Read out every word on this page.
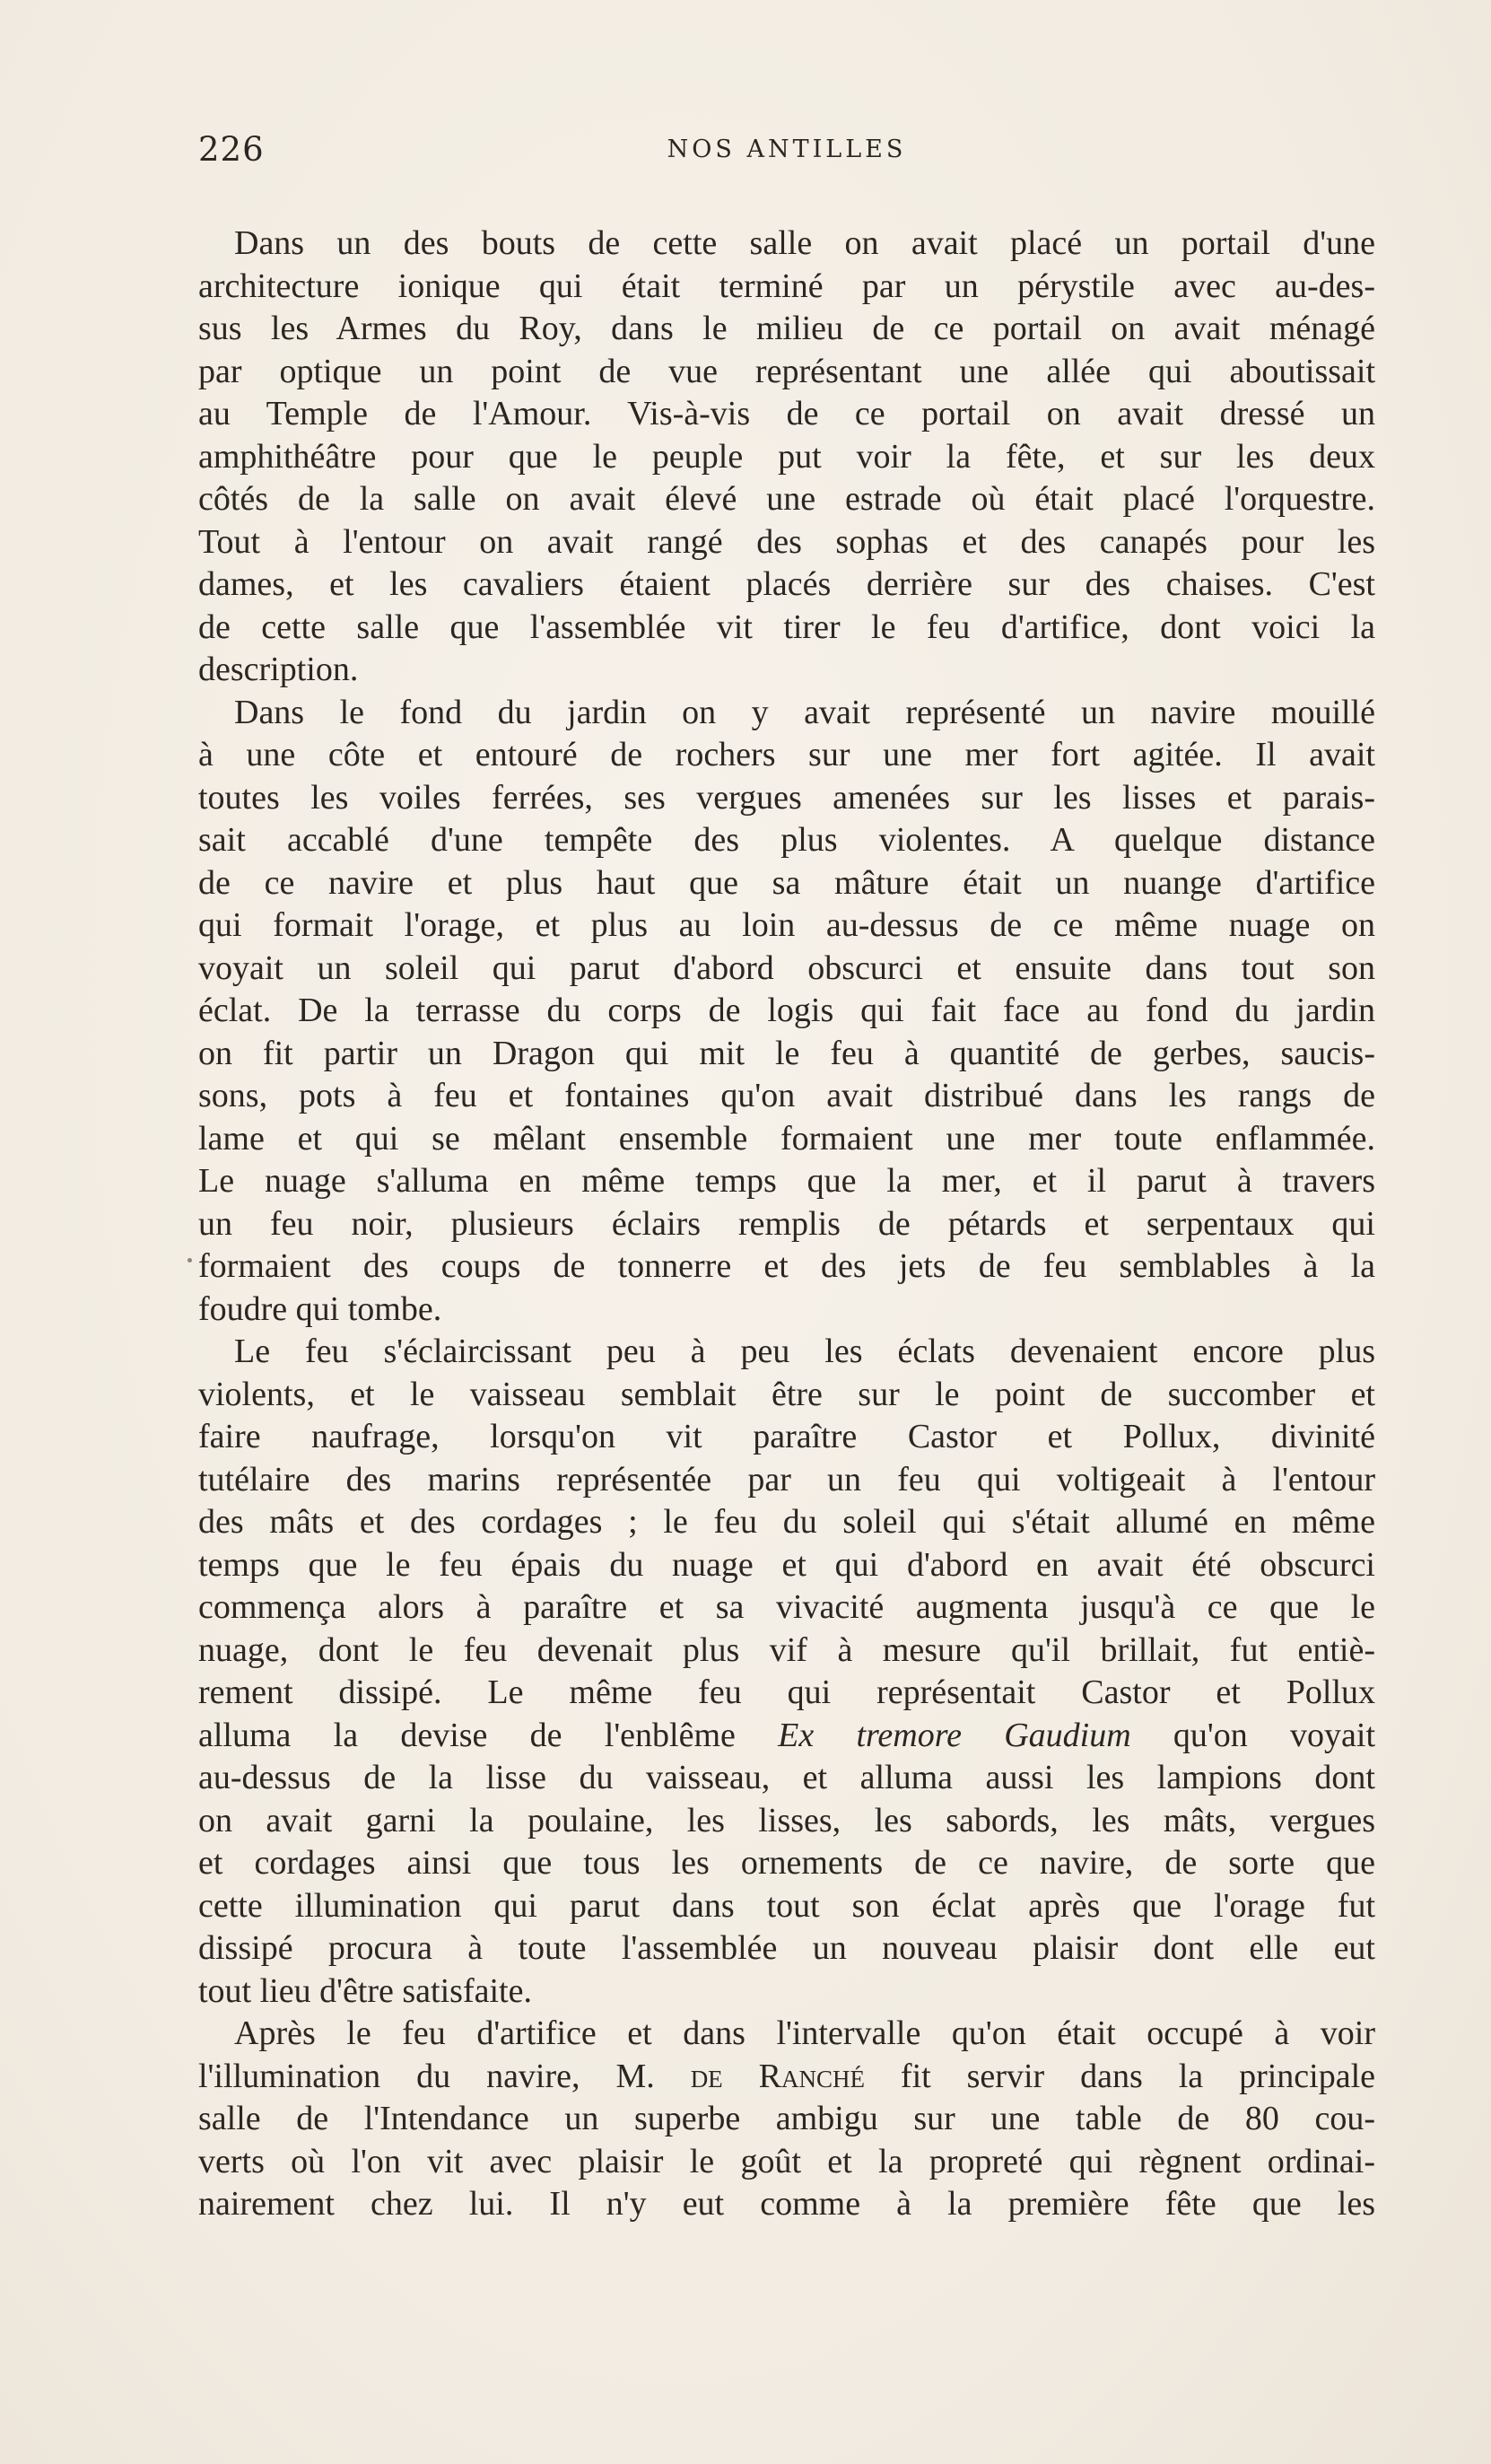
226	NOS ANTILLES
Dans un des bouts de cette salle on avait placé un portail d'une
architecture ionique qui était terminé par un pérystile avec au-des-
sus les Armes du Roy, dans le milieu de ce portail on avait ménagé
par optique un point de vue représentant une allée qui aboutissait
au Temple de l'Amour. Vis-à-vis de ce portail on avait dressé un
amphithéâtre pour que le peuple put voir la fête, et sur les deux
côtés de la salle on avait élevé une estrade où était placé l'orquestre.
Tout à l'entour on avait rangé des sophas et des canapés pour les
dames, et les cavaliers étaient placés derrière sur des chaises. C'est
de cette salle que l'assemblée vit tirer le feu d'artifice, dont voici la
description.
Dans le fond du jardin on y avait représenté un navire mouillé
à une côte et entouré de rochers sur une mer fort agitée. Il avait
toutes les voiles ferrées, ses vergues amenées sur les lisses et parais-
sait accablé d'une tempête des plus violentes. A quelque distance
de ce navire et plus haut que sa mâture était un nuange d'artifice
qui formait l'orage, et plus au loin au-dessus de ce même nuage on
voyait un soleil qui parut d'abord obscurci et ensuite dans tout son
éclat. De la terrasse du corps de logis qui fait face au fond du jardin
on fit partir un Dragon qui mit le feu à quantité de gerbes, saucis-
sons, pots à feu et fontaines qu'on avait distribué dans les rangs de
lame et qui se mêlant ensemble formaient une mer toute enflammée.
Le nuage s'alluma en même temps que la mer, et il parut à travers
un feu noir, plusieurs éclairs remplis de pétards et serpentaux qui
formaient des coups de tonnerre et des jets de feu semblables à la
foudre qui tombe.
Le feu s'éclaircissant peu à peu les éclats devenaient encore plus
violents, et le vaisseau semblait être sur le point de succomber et
faire naufrage, lorsqu'on vit paraître Castor et Pollux, divinité
tutélaire des marins représentée par un feu qui voltigeait à l'entour
des mâts et des cordages ; le feu du soleil qui s'était allumé en même
temps que le feu épais du nuage et qui d'abord en avait été obscurci
commença alors à paraître et sa vivacité augmenta jusqu'à ce que le
nuage, dont le feu devenait plus vif à mesure qu'il brillait, fut entiè-
rement dissipé. Le même feu qui représentait Castor et Pollux
alluma la devise de l'enblême Ex tremore Gaudium qu'on voyait
au-dessus de la lisse du vaisseau, et alluma aussi les lampions dont
on avait garni la poulaine, les lisses, les sabords, les mâts, vergues
et cordages ainsi que tous les ornements de ce navire, de sorte que
cette illumination qui parut dans tout son éclat après que l'orage fut
dissipé procura à toute l'assemblée un nouveau plaisir dont elle eut
tout lieu d'être satisfaite.
Après le feu d'artifice et dans l'intervalle qu'on était occupé à voir
l'illumination du navire, M. de Ranché fit servir dans la principale
salle de l'Intendance un superbe ambigu sur une table de 80 cou-
verts où l'on vit avec plaisir le goût et la propreté qui règnent ordinai-
nairement chez lui. Il n'y eut comme à la première fête que les
